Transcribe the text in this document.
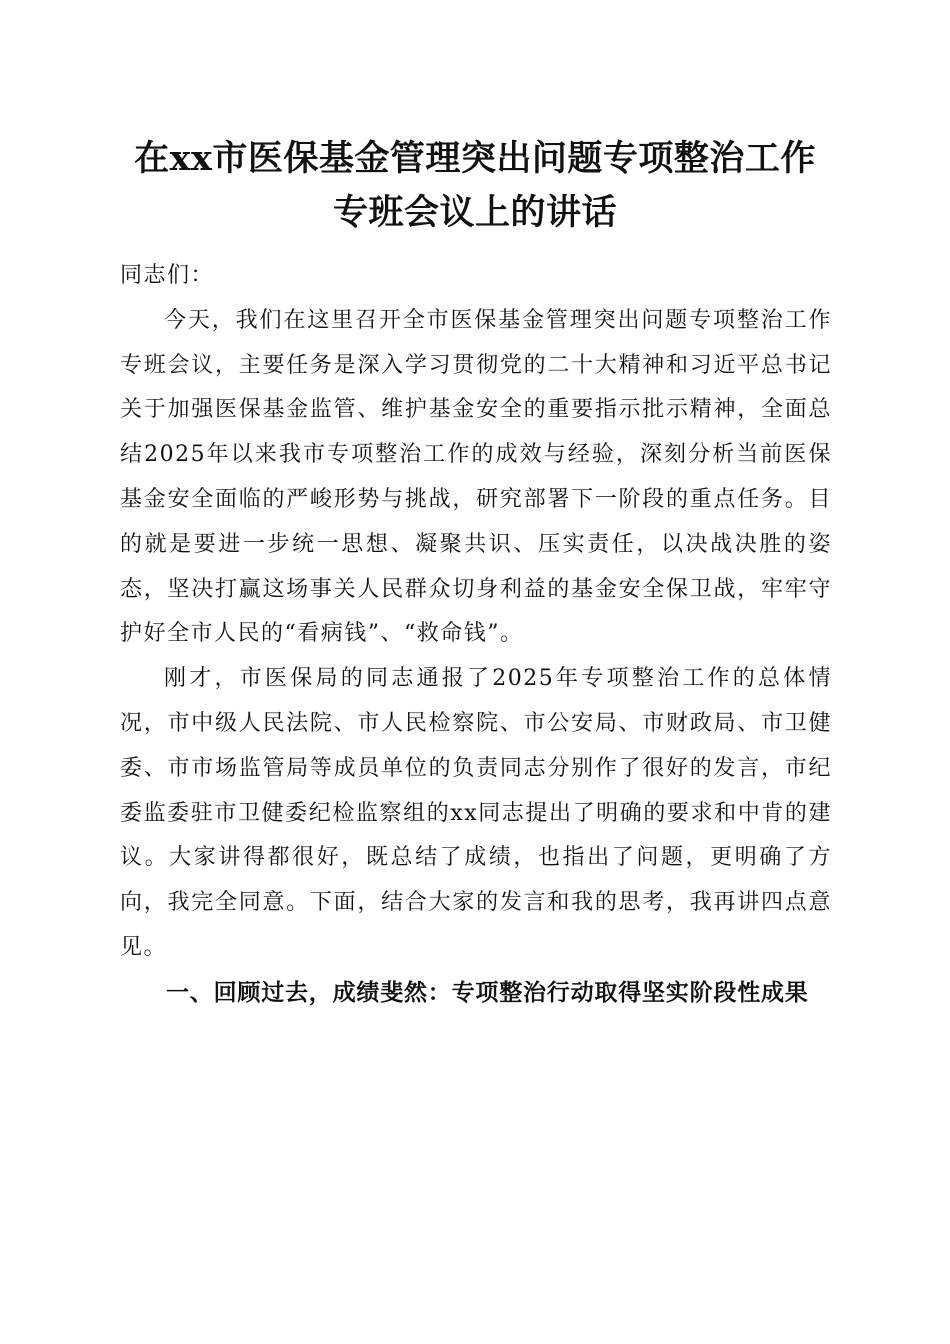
在xx市医保基金管理突出问题专项整治工作
专班会议上的讲话

同志们：

今天，我们在这里召开全市医保基金管理突出问题专项整治工作专班会议，主要任务是深入学习贯彻党的二十大精神和习近平总书记关于加强医保基金监管、维护基金安全的重要指示批示精神，全面总结2025年以来我市专项整治工作的成效与经验，深刻分析当前医保基金安全面临的严峻形势与挑战，研究部署下一阶段的重点任务。目的就是要进一步统一思想、凝聚共识、压实责任，以决战决胜的姿态，坚决打赢这场事关人民群众切身利益的基金安全保卫战，牢牢守护好全市人民的“看病钱”、“救命钱”。

刚才，市医保局的同志通报了2025年专项整治工作的总体情况，市中级人民法院、市人民检察院、市公安局、市财政局、市卫健委、市市场监管局等成员单位的负责同志分别作了很好的发言，市纪委监委驻市卫健委纪检监察组的xx同志提出了明确的要求和中肯的建议。大家讲得都很好，既总结了成绩，也指出了问题，更明确了方向，我完全同意。下面，结合大家的发言和我的思考，我再讲四点意见。

一、回顾过去，成绩斐然：专项整治行动取得坚实阶段性成果
